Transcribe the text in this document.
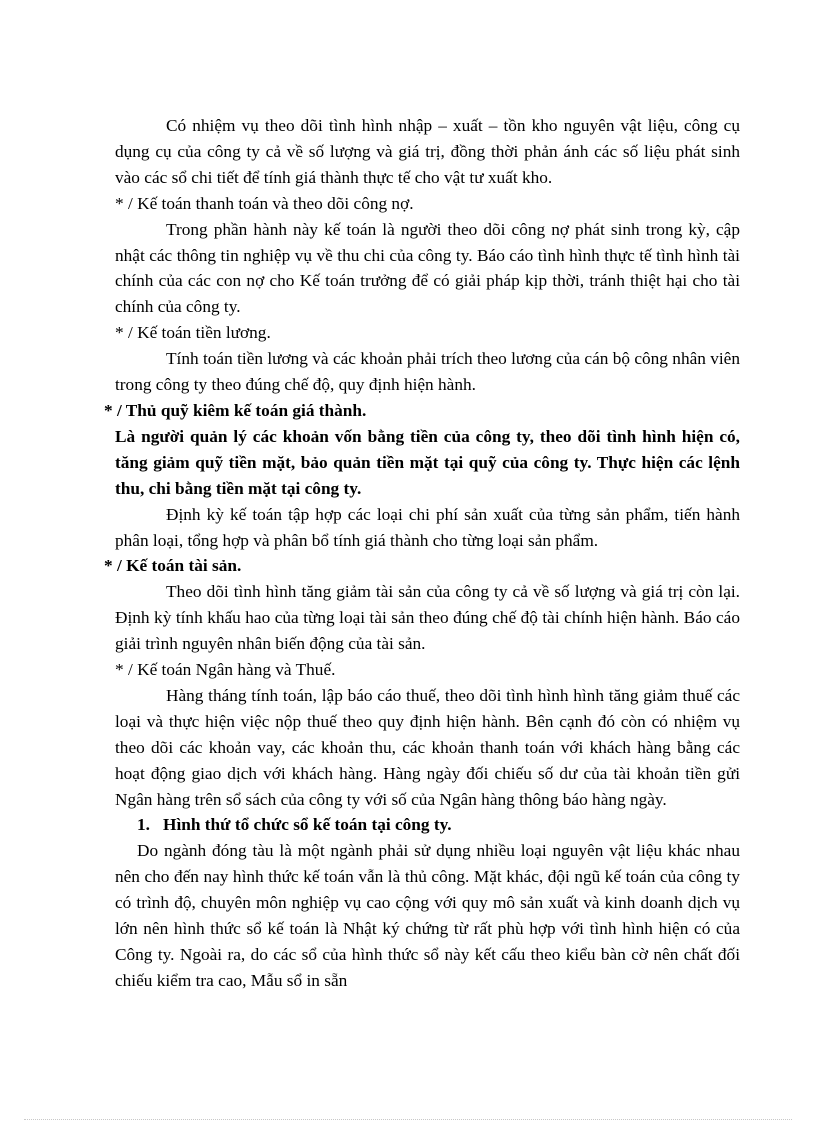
Có nhiệm vụ theo dõi tình hình nhập – xuất – tồn kho nguyên vật liệu, công cụ dụng cụ của công ty cả về số lượng và giá trị, đồng thời phản ánh các số liệu phát sinh vào các sổ chi tiết để tính giá thành thực tế cho vật tư xuất kho.

* / Kế toán thanh toán và theo dõi công nợ.

Trong phần hành này kế toán là người theo dõi công nợ phát sinh trong kỳ, cập nhật các thông tin nghiệp vụ về thu chi của công ty. Báo cáo tình hình thực tế tình hình tài chính của các con nợ cho Kế toán trưởng để có giải pháp kịp thời, tránh thiệt hại cho tài chính của công ty.

* / Kế toán tiền lương.

Tính toán tiền lương và các khoản phải trích theo lương của cán bộ công nhân viên trong công ty theo đúng chế độ, quy định hiện hành.

* / Thủ quỹ kiêm kế toán giá thành.

Là người quản lý các khoản vốn bằng tiền của công ty, theo dõi tình hình hiện có, tăng giảm quỹ tiền mặt, bảo quản tiền mặt tại quỹ của công ty. Thực hiện các lệnh thu, chi bằng tiền mặt tại công ty.

Định kỳ kế toán tập hợp các loại chi phí sản xuất của từng sản phẩm, tiến hành phân loại, tổng hợp và phân bổ tính giá thành cho từng loại sản phẩm.

* / Kế toán tài sản.

Theo dõi tình hình tăng giảm tài sản của công ty cả về số lượng và giá trị còn lại. Định kỳ tính khấu hao của từng loại tài sản theo đúng chế độ tài chính hiện hành. Báo cáo giải trình nguyên nhân biến động của tài sản.

* / Kế toán Ngân hàng và Thuế.

Hàng tháng tính toán, lập báo cáo thuế, theo dõi tình hình hình tăng giảm thuế các loại và thực hiện việc nộp thuế theo quy định hiện hành. Bên cạnh đó còn có nhiệm vụ theo dõi các khoản vay, các khoản thu, các khoản thanh toán với khách hàng bằng các hoạt động giao dịch với khách hàng. Hàng ngày đối chiếu số dư của tài khoản tiền gửi Ngân hàng trên sổ sách của công ty với số của Ngân hàng thông báo hàng ngày.

1. Hình thứ tổ chức sổ kế toán tại công ty.

Do ngành đóng tàu là một ngành phải sử dụng nhiều loại nguyên vật liệu khác nhau nên cho đến nay hình thức kế toán vẫn là thủ công. Mặt khác, đội ngũ kế toán của công ty có trình độ, chuyên môn nghiệp vụ cao cộng với quy mô sản xuất và kinh doanh dịch vụ lớn nên hình thức sổ kế toán là Nhật ký chứng từ rất phù hợp với tình hình hiện có của Công ty. Ngoài ra, do các sổ của hình thức sổ này kết cấu theo kiểu bàn cờ nên chất đối chiếu kiểm tra cao, Mẫu sổ in sẵn
